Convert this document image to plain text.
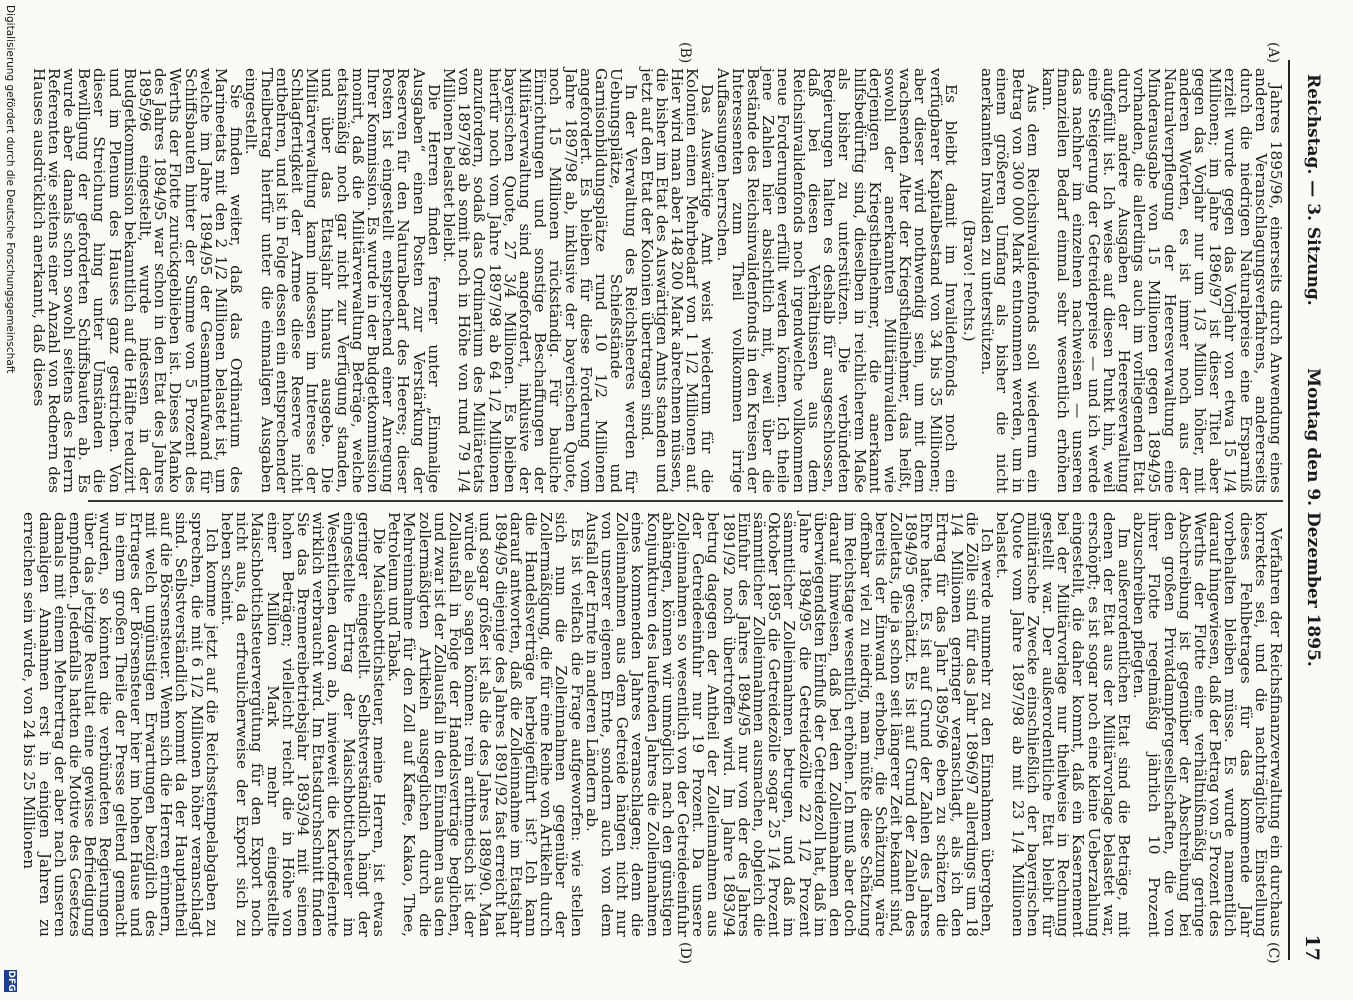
Reichstag. — 3. Sitzung.
Montag den 9. Dezember 1895.
17
(A)
(B)
(C)
(D)

Jahres 1895/96, einerseits durch Anwendung eines anderen Veranschlagungsverfahrens, andererseits durch die niedrigen Naturalpreise eine Ersparniß erzielt wurde gegen das Vorjahr von etwa 15 1/4 Millionen; im Jahre 1896/97 ist dieser Titel aber gegen das Vorjahr nur um 1/3 Million höher, mit anderen Worten, es ist immer noch aus der Naturalverpflegung der Heeresverwaltung eine Minderausgabe von 15 Millionen gegen 1894/95 vorhanden, die allerdings auch im vorliegenden Etat durch andere Ausgaben der Heeresverwaltung aufgefüllt ist. Ich weise auf diesen Punkt hin, weil eine Steigerung der Getreidepreise — und ich werde das nachher im einzelnen nachweisen — unseren finanziellen Bedarf einmal sehr wesentlich erhöhen kann.

Aus dem Reichsinvalidenfonds soll wiederum ein Betrag von 300 000 Mark entnommen werden, um in einem größeren Umfang als bisher die nicht anerkannten Invaliden zu unterstützen.

(Bravo! rechts.)

Es bleibt damit im Invalidenfonds noch ein verfügbarer Kapitalbestand von 34 bis 35 Millionen; aber dieser wird nothwendig sein, um mit dem wachsenden Alter der Kriegstheilnehmer, das heißt, sowohl der anerkannten Militärinvaliden wie derjenigen Kriegstheilnehmer, die anerkannt hilfsbedürftig sind, dieselben in reichlicherem Maße als bisher zu unterstützen. Die verbündeten Regierungen halten es deshalb für ausgeschlossen, daß bei diesen Verhältnissen aus dem Reichsinvalidenfonds noch irgendwelche vollkommen neue Forderungen erfüllt werden können. Ich theile jene Zahlen hier absichtlich mit, weil über die Bestände des Reichsinvalidenfonds in den Kreisen der Interessenten zum Theil vollkommen irrige Auffassungen herrschen.

Das Auswärtige Amt weist wiederum für die Kolonien einen Mehrbedarf von 1 1/2 Millionen auf. Hier wird man aber 148 200 Mark abrechnen müssen, die bisher im Etat des Auswärtigen Amts standen und jetzt auf den Etat der Kolonien übertragen sind.

In der Verwaltung des Reichsheeres werden für Uebungsplätze, Schießstände und Garnisonbildungsplätze rund 10 1/2 Millionen angefordert. Es bleiben für diese Forderung vom Jahre 1897/98 ab, inklusive der bayerischen Quote, noch 15 Millionen rückständig. Für bauliche Einrichtungen und sonstige Beschaffungen der Militärverwaltung sind angefordert, inklusive der bayerischen Quote, 27 3/4 Millionen. Es bleiben hierfür noch vom Jahre 1897/98 ab 64 1/2 Millionen anzufordern, sodaß das Ordinarium des Militäretats von 1897/98 ab somit noch in Höhe von rund 79 1/4 Millionen belastet bleibt.

Die Herren finden ferner unter „Einmalige Ausgaben“ einen Posten zur Verstärkung der Reserven für den Naturalbedarf des Heeres; dieser Posten ist eingestellt entsprechend einer Anregung Ihrer Kommission. Es wurde in der Budgetkommission monirt, daß die Militärverwaltung Beträge, welche etatsmäßig noch gar nicht zur Verfügung standen, und über das Etatsjahr hinaus ausgebe. Die Militärverwaltung kann indessen im Interesse der Schlagfertigkeit der Armee diese Reserve nicht entbehren, und ist in Folge dessen ein entsprechender Theilbetrag hierfür unter die einmaligen Ausgaben eingestellt.

Sie finden weiter, daß das Ordinarium des Marineetats mit den 2 1/2 Millionen belastet ist, um welche im Jahre 1894/95 der Gesammtaufwand für Schiffsbauten hinter der Summe von 5 Prozent des Werths der Flotte zurückgeblieben ist. Dieses Manko des Jahres 1894/95 war schon in den Etat des Jahres 1895/96 eingestellt, wurde indessen in der Budgetkommission bekanntlich auf die Hälfte reduzirt und im Plenum des Hauses ganz gestrichen. Von dieser Streichung hing unter Umständen die Bewilligung der geforderten Schiffsbauten ab. Es wurde aber damals schon sowohl seitens des Herrn Referenten wie seitens einer Anzahl von Rednern des Hauses ausdrücklich anerkannt, daß dieses

Verfahren der Reichsfinanzverwaltung ein durchaus korrektes sei, und die nachträgliche Einstellung dieses Fehlbetrages für das kommende Jahr vorbehalten bleiben müsse. Es wurde namentlich darauf hingewiesen, daß der Betrag von 5 Prozent des Werths der Flotte eine verhältnißmäßig geringe Abschreibung ist gegenüber der Abschreibung bei den großen Privatdampfergesellschaften, die von ihrer Flotte regelmäßig jährlich 10 Prozent abzuschreiben pflegten.

Im außerordentlichen Etat sind die Beträge, mit denen der Etat aus der Militärvorlage belastet war, erschöpft; es ist sogar noch eine kleine Ueberzahlung eingestellt, die daher kommt, daß ein Kasernement bei der Militärvorlage nur theilweise in Rechnung gestellt war. Der außerordentliche Etat bleibt für militärische Zwecke einschließlich der bayerischen Quote vom Jahre 1897/98 ab mit 23 1/4 Millionen belastet.

Ich werde nunmehr zu den Einnahmen übergehen, die Zölle sind für das Jahr 1896/97 allerdings um 18 1/4 Millionen geringer veranschlagt, als ich den Ertrag für das Jahr 1895/96 eben zu schätzen die Ehre hatte. Es ist auf Grund der Zahlen des Jahres 1894/95 geschätzt. Es ist auf Grund der Zahlen des Zolletats, die ja schon seit längerer Zeit bekannt sind, bereits der Einwand erhoben, die Schätzung wäre offenbar viel zu niedrig, man müßte diese Schätzung im Reichstage wesentlich erhöhen. Ich muß aber doch darauf hinweisen, daß bei den Zolleinnahmen den überwiegendsten Einfluß der Getreidezoll hat, daß im Jahre 1894/95 die Getreidezölle 22 1/2 Prozent sämmtlicher Zolleinnahmen betrugen, und daß im Oktober 1895 die Getreidezölle sogar 25 1/4 Prozent sämmtlicher Zolleinnahmen ausmachen, obgleich die Einfuhr des Jahres 1894/95 nur von der des Jahres 1891/92 noch übertroffen wird. Im Jahre 1893/94 betrug dagegen der Antheil der Zolleinnahmen aus der Getreideeinfuhr nur 19 Prozent. Da unsere Zolleinnahmen so wesentlich von der Getreideeinfuhr abhängen, können wir unmöglich nach den günstigen Konjunkturen des laufenden Jahres die Zolleinnahmen eines kommenden Jahres veranschlagen; denn die Zolleinnahmen aus dem Getreide hängen nicht nur von unserer eigenen Ernte, sondern auch von dem Ausfall der Ernte in anderen Ländern ab.

Es ist vielfach die Frage aufgeworfen: wie stellen sich nun die Zolleinnahmen gegenüber der Zollermäßigung, die für eine Reihe von Artikeln durch die Handelsverträge herbeigeführt ist? Ich kann darauf antworten, daß die Zolleinnahme im Etatsjahr 1894/95 diejenige des Jahres 1891/92 fast erreicht hat und sogar größer ist als die des Jahres 1889/90. Man würde also sagen können: rein arithmetisch ist der Zollausfall in Folge der Handelsverträge beglichen, und zwar ist der Zollausfall in den Einnahmen aus den zollermäßigten Artikeln ausgeglichen durch die Mehreinnahme für den Zoll auf Kaffee, Kakao, Thee, Petroleum und Tabak.

Die Maischbottichsteuer, meine Herren, ist etwas geringer eingestellt. Selbstverständlich hängt der eingestellte Ertrag der Maischbottichsteuer im Wesentlichen davon ab, inwieweit die Kartoffelernte wirklich verbraucht wird. Im Etatsdurchschnitt finden Sie das Brennereibetriebsjahr 1893/94 mit seinen hohen Beträgen; vielleicht reicht die in Höhe von einer Million Mark mehr eingestellte Maischbottichsteuervergütung für den Export noch nicht aus, da erfreulicherweise der Export sich zu heben scheint.

Ich komme jetzt auf die Reichsstempelabgaben zu sprechen, die mit 6 1/2 Millionen höher veranschlagt sind. Selbstverständlich kommt da der Hauptantheil auf die Börsensteuer. Wenn sich die Herren erinnern, mit welch ungünstigen Erwartungen bezüglich des Ertrages der Börsensteuer hier im hohen Hause und in einem großen Theile der Presse geltend gemacht wurden, so könnten die verbündeten Regierungen über das jetzige Resultat eine gewisse Befriedigung empfinden. Jedenfalls hatten die Motive des Gesetzes damals mit einem Mehrertrag der aber nach unseren damaligen Annahmen erst in einigen Jahren zu erreichen sein würde, von 24 bis 25 Millionen

Digitalisierung gefördert durch die Deutsche Forschungsgemeinschaft
DFG
